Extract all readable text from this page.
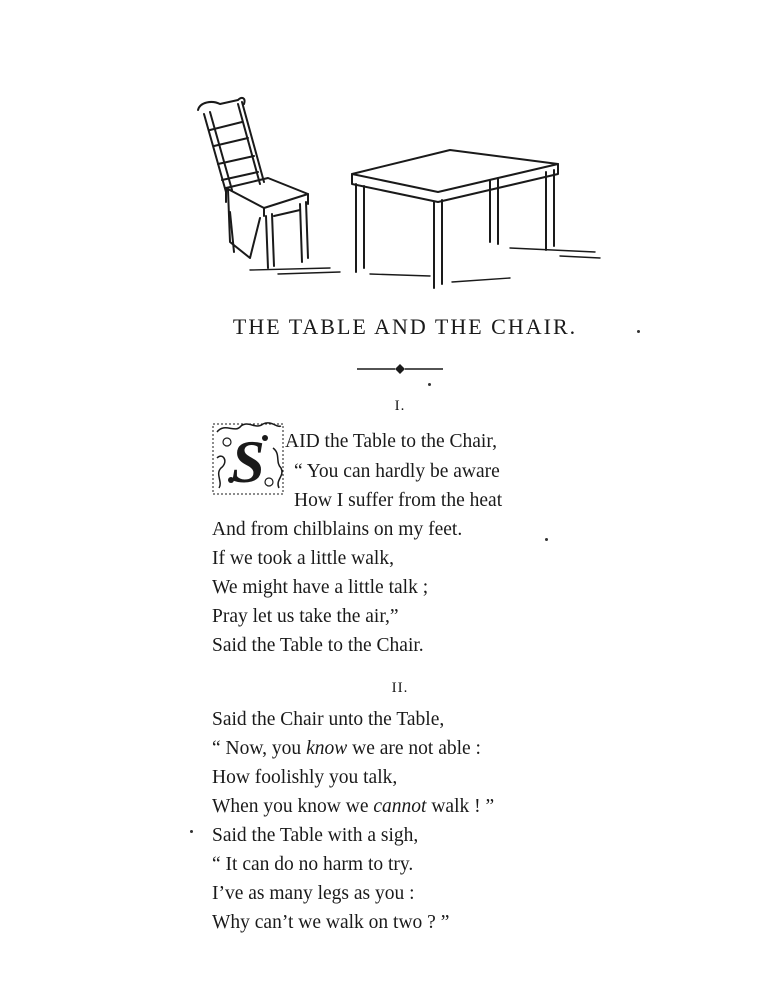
THE TABLE AND THE CHAIR.
I.
S AID the Table to the Chair,
“ You can hardly be aware
How I suffer from the heat
And from chilblains on my feet.
If we took a little walk,
We might have a little talk ;
Pray let us take the air,”
Said the Table to the Chair.
II.
Said the Chair unto the Table,
“ Now, you know we are not able :
How foolishly you talk,
When you know we cannot walk ! ”
Said the Table with a sigh,
“ It can do no harm to try.
I’ve as many legs as you :
Why can’t we walk on two ? ”
